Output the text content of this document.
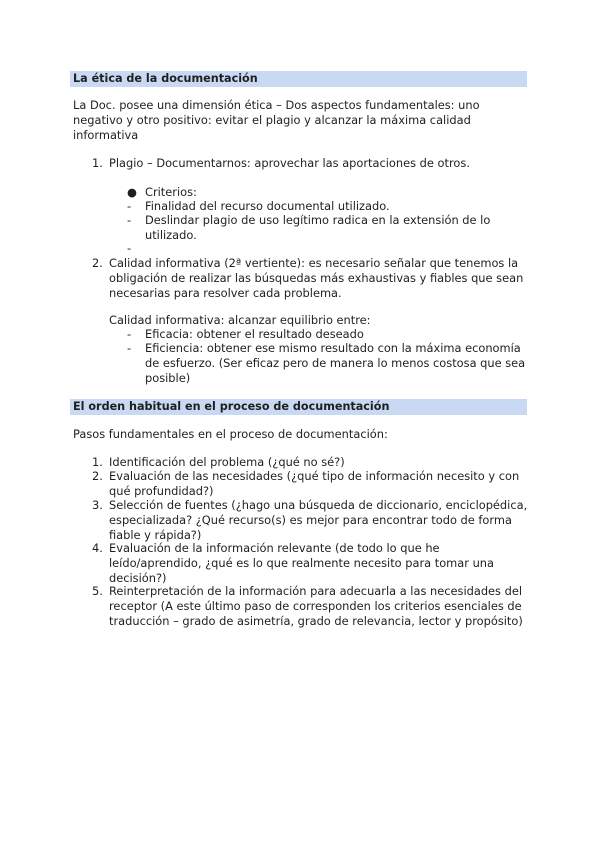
La ética de la documentación

La Doc. posee una dimensión ética – Dos aspectos fundamentales: uno negativo y otro positivo: evitar el plagio y alcanzar la máxima calidad informativa

1. Plagio – Documentarnos: aprovechar las aportaciones de otros.

● Criterios:

-	Finalidad del recurso documental utilizado.

-	Deslindar plagio de uso legítimo radica en la extensión de lo utilizado.

-

2. Calidad informativa (2ª vertiente): es necesario señalar que tenemos la obligación de realizar las búsquedas más exhaustivas y fiables que sean necesarias para resolver cada problema.

Calidad informativa: alcanzar equilibrio entre:

-	Eficacia: obtener el resultado deseado

-	Eficiencia: obtener ese mismo resultado con la máxima economía de esfuerzo. (Ser eficaz pero de manera lo menos costosa que sea posible)

El orden habitual en el proceso de documentación

Pasos fundamentales en el proceso de documentación:

1. Identificación del problema (¿qué no sé?)

2. Evaluación de las necesidades (¿qué tipo de información necesito y con qué profundidad?)

3. Selección de fuentes (¿hago una búsqueda de diccionario, enciclopédica, especializada? ¿Qué recurso(s) es mejor para encontrar todo de forma fiable y rápida?)

4. Evaluación de la información relevante (de todo lo que he leído/aprendido, ¿qué es lo que realmente necesito para tomar una decisión?)

5. Reinterpretación de la información para adecuarla a las necesidades del receptor (A este último paso de corresponden los criterios esenciales de traducción – grado de asimetría, grado de relevancia, lector y propósito)
